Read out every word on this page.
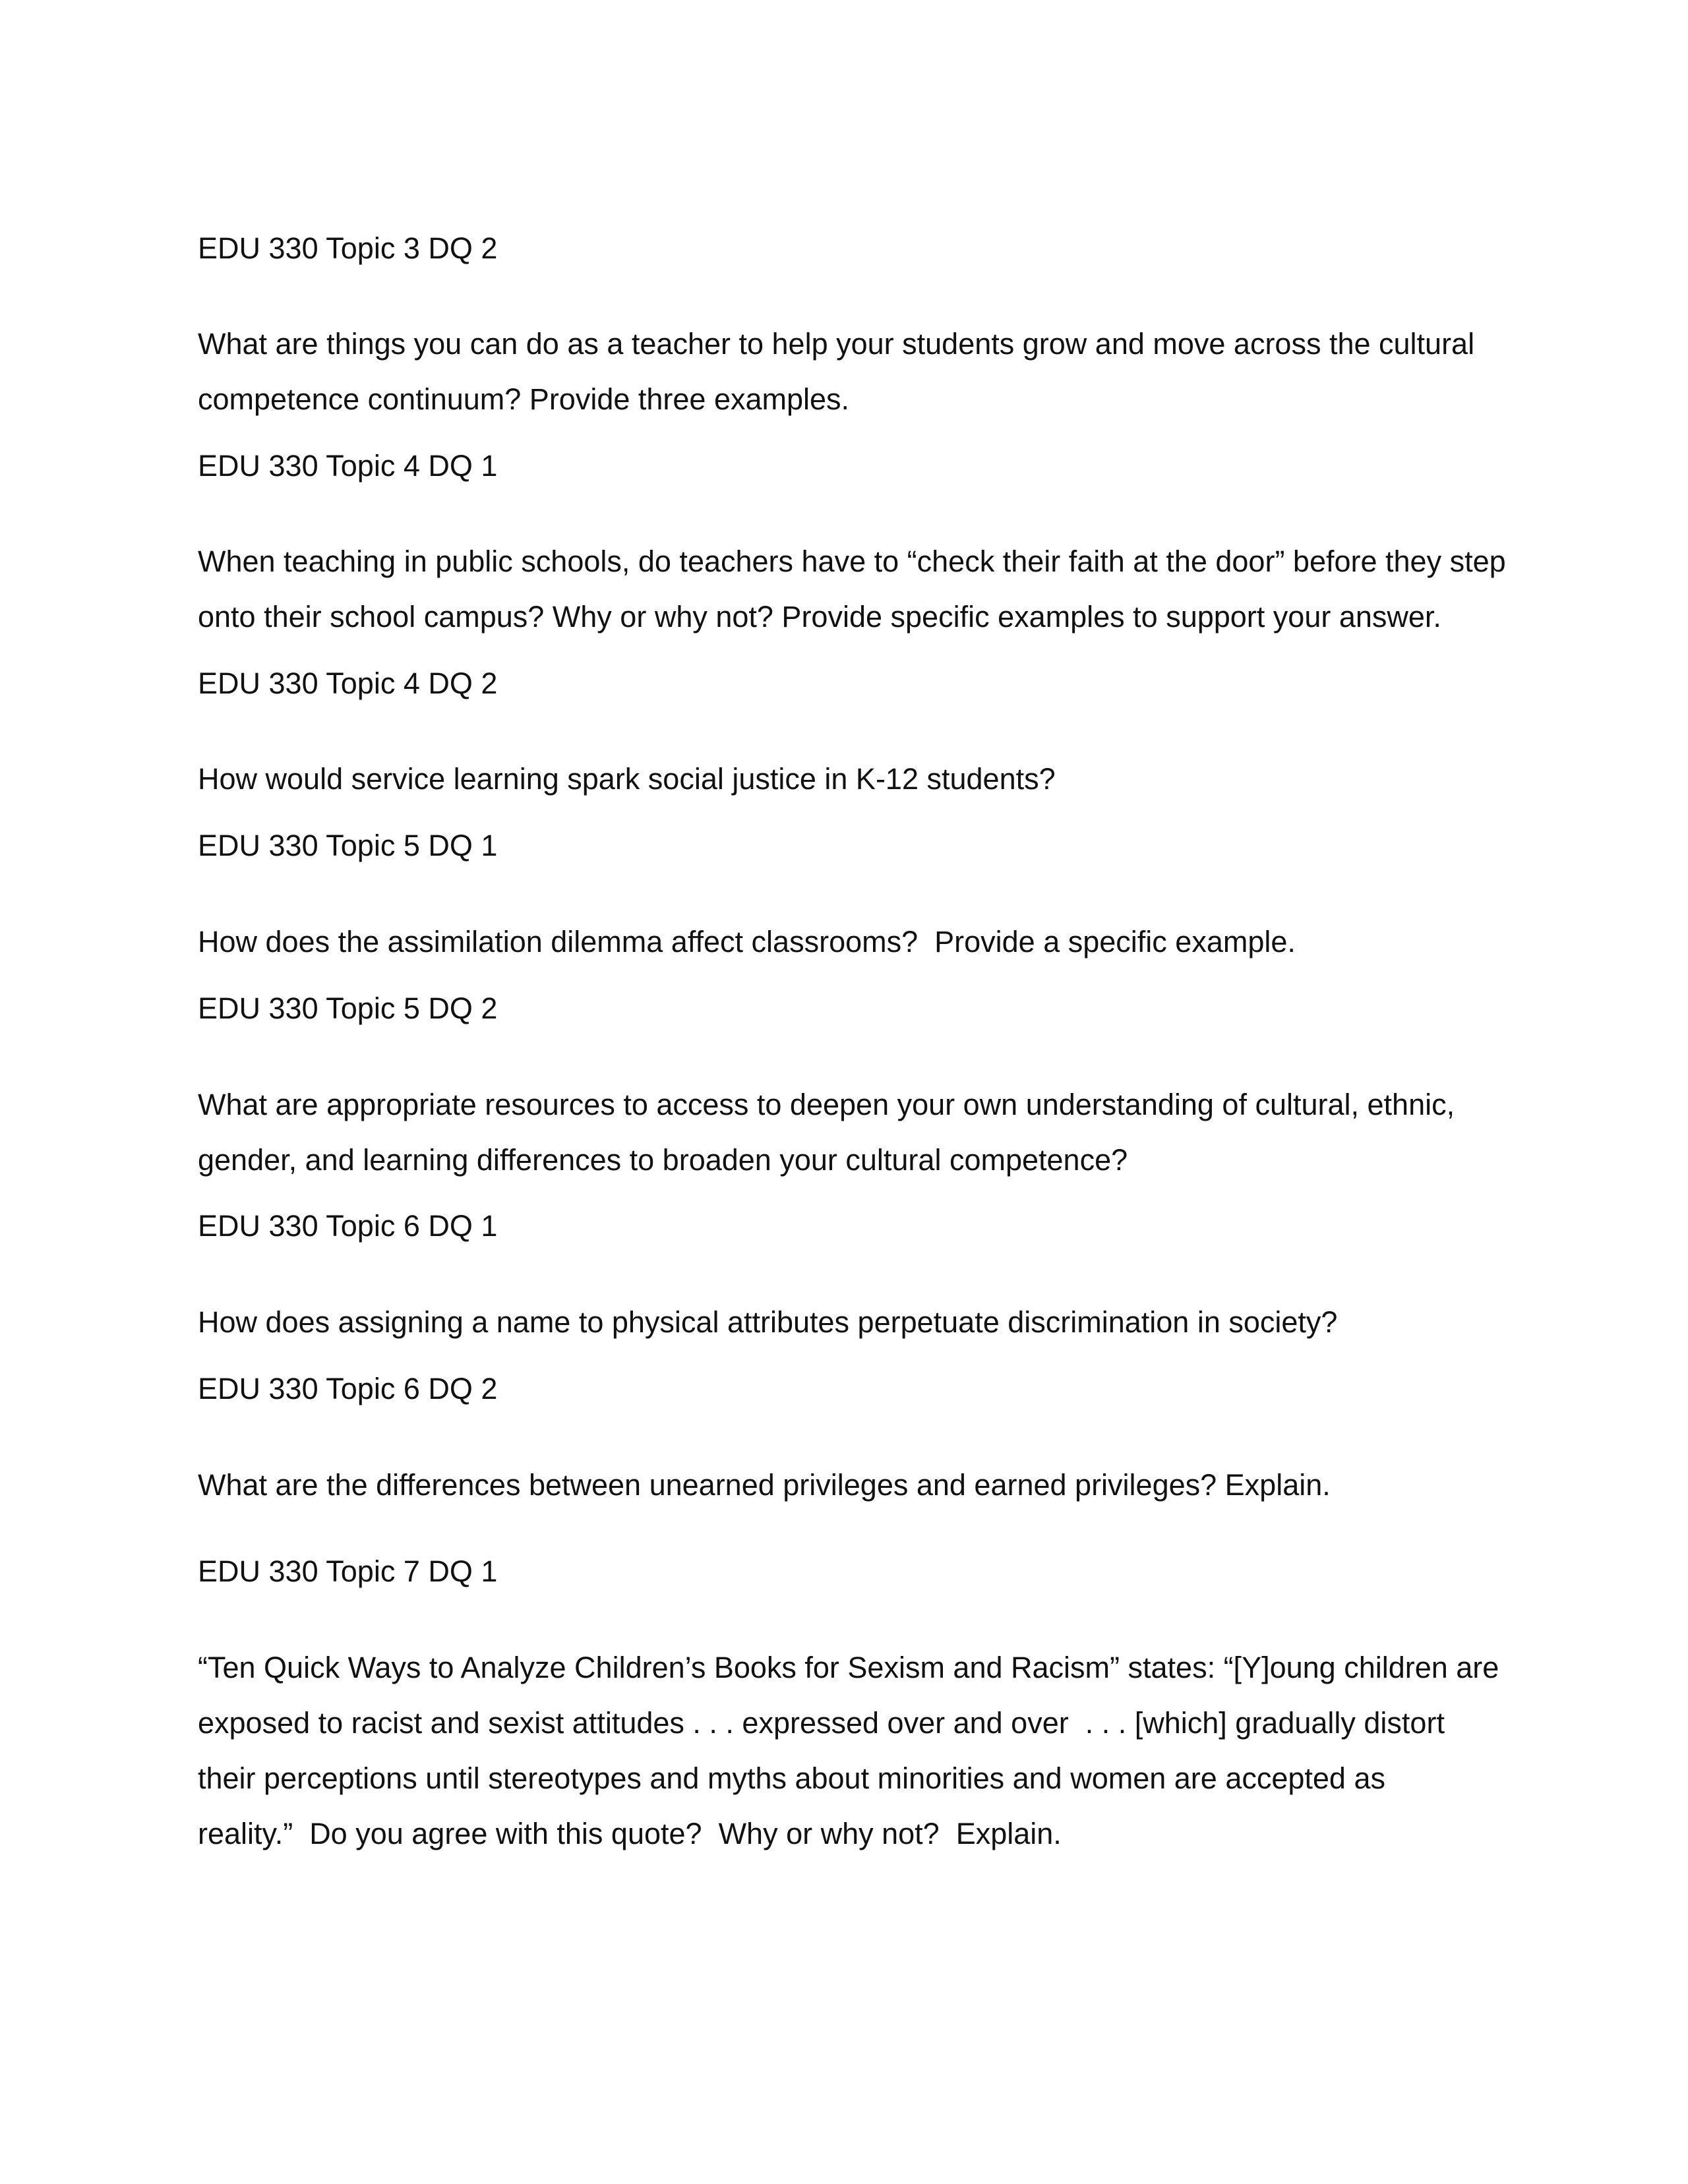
EDU 330 Topic 3 DQ 2

What are things you can do as a teacher to help your students grow and move across the cultural

competence continuum? Provide three examples.

EDU 330 Topic 4 DQ 1

When teaching in public schools, do teachers have to “check their faith at the door” before they step

onto their school campus? Why or why not? Provide specific examples to support your answer.

EDU 330 Topic 4 DQ 2

How would service learning spark social justice in K-12 students?

EDU 330 Topic 5 DQ 1

How does the assimilation dilemma affect classrooms?  Provide a specific example.

EDU 330 Topic 5 DQ 2

What are appropriate resources to access to deepen your own understanding of cultural, ethnic,

gender, and learning differences to broaden your cultural competence?

EDU 330 Topic 6 DQ 1

How does assigning a name to physical attributes perpetuate discrimination in society?

EDU 330 Topic 6 DQ 2

What are the differences between unearned privileges and earned privileges? Explain.

EDU 330 Topic 7 DQ 1

“Ten Quick Ways to Analyze Children’s Books for Sexism and Racism” states: “[Y]oung children are

exposed to racist and sexist attitudes . . . expressed over and over  . . . [which] gradually distort

their perceptions until stereotypes and myths about minorities and women are accepted as

reality.”  Do you agree with this quote?  Why or why not?  Explain.
